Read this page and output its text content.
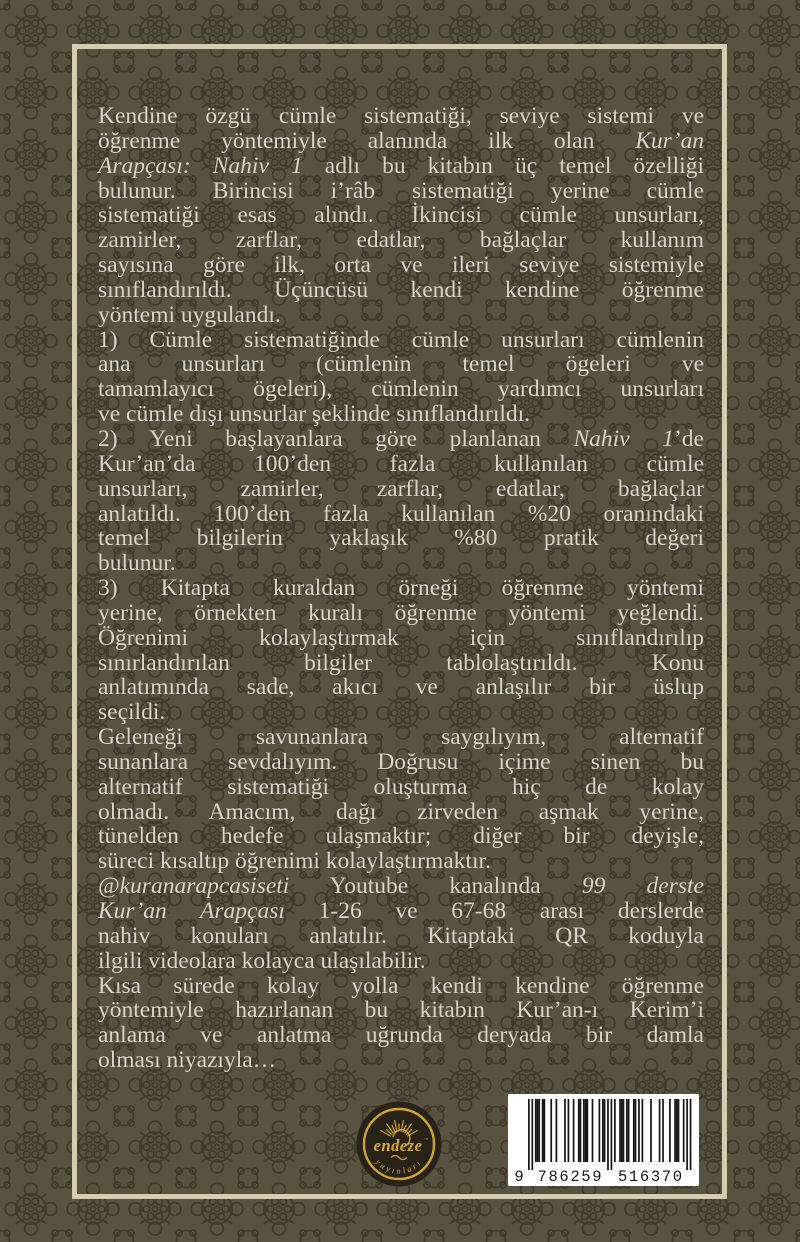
Kendine özgü cümle sistematiği, seviye sistemi ve
öğrenme yöntemiyle alanında ilk olan Kur’an
Arapçası: Nahiv 1 adlı bu kitabın üç temel özelliği
bulunur. Birincisi i’râb sistematiği yerine cümle
sistematiği esas alındı. İkincisi cümle unsurları,
zamirler, zarflar, edatlar, bağlaçlar kullanım
sayısına göre ilk, orta ve ileri seviye sistemiyle
sınıflandırıldı. Üçüncüsü kendi kendine öğrenme
yöntemi uygulandı.
1) Cümle sistematiğinde cümle unsurları cümlenin
ana unsurları (cümlenin temel ögeleri ve
tamamlayıcı ögeleri), cümlenin yardımcı unsurları
ve cümle dışı unsurlar şeklinde sınıflandırıldı.
2) Yeni başlayanlara göre planlanan Nahiv 1’de
Kur’an’da 100’den fazla kullanılan cümle
unsurları, zamirler, zarflar, edatlar, bağlaçlar
anlatıldı. 100’den fazla kullanılan %20 oranındaki
temel bilgilerin yaklaşık %80 pratik değeri
bulunur.
3) Kitapta kuraldan örneği öğrenme yöntemi
yerine, örnekten kuralı öğrenme yöntemi yeğlendi.
Öğrenimi kolaylaştırmak için sınıflandırılıp
sınırlandırılan bilgiler tablolaştırıldı. Konu
anlatımında sade, akıcı ve anlaşılır bir üslup
seçildi.
Geleneği savunanlara saygılıyım, alternatif
sunanlara sevdalıyım. Doğrusu içime sinen bu
alternatif sistematiği oluşturma hiç de kolay
olmadı. Amacım, dağı zirveden aşmak yerine,
tünelden hedefe ulaşmaktır; diğer bir deyişle,
süreci kısaltıp öğrenimi kolaylaştırmaktır.
@kuranarapcasiseti Youtube kanalında 99 derste
Kur’an Arapçası 1-26 ve 67-68 arası derslerde
nahiv konuları anlatılır. Kitaptaki QR koduyla
ilgili videolara kolayca ulaşılabilir.
Kısa sürede kolay yolla kendi kendine öğrenme
yöntemiyle hazırlanan bu kitabın Kur’an-ı Kerim’i
anlama ve anlatma uğrunda deryada bir damla
olması niyazıyla…
endeze ™
yayınları
9 786259 516370
